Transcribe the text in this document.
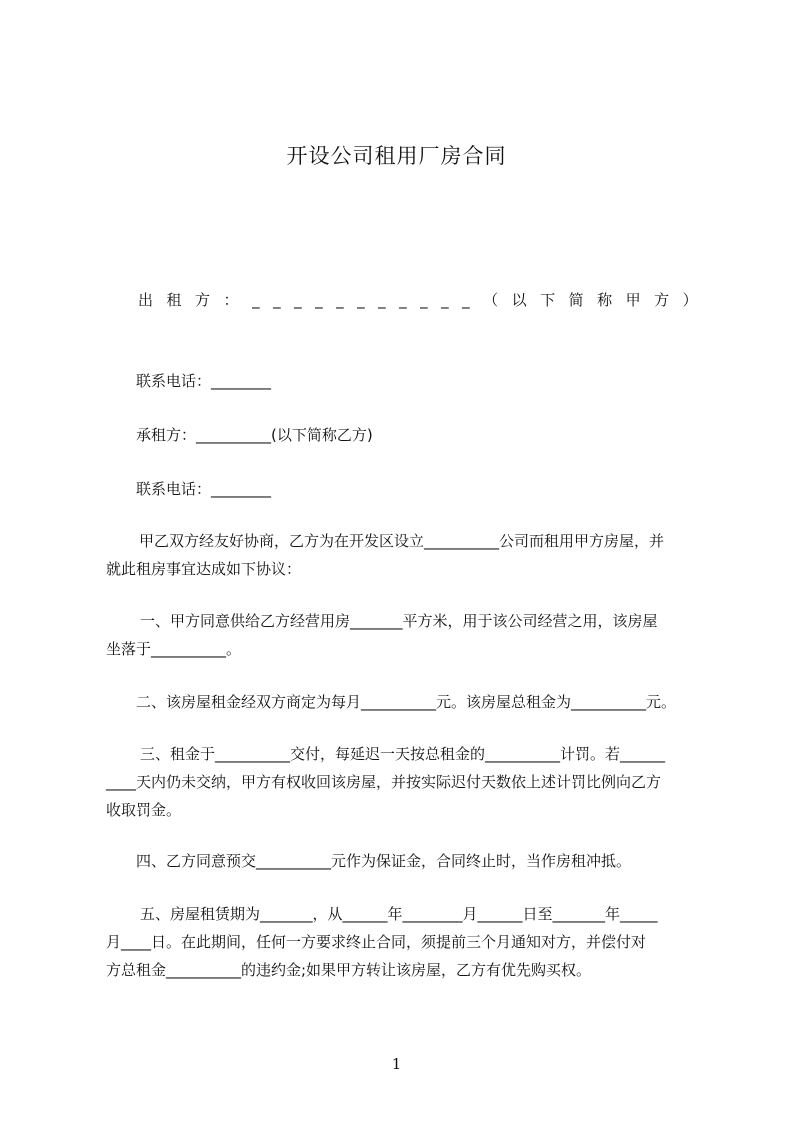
开设公司租用厂房合同
出 租 方 ： _ _ _ _ _ _ _ _ _ _ _ （ 以 下 简 称 甲 方 ）
联系电话：________
承租方：__________(以下简称乙方)
联系电话：________
甲乙双方经友好协商，乙方为在开发区设立__________公司而租用甲方房屋，并
就此租房事宜达成如下协议：
一、甲方同意供给乙方经营用房_______平方米，用于该公司经营之用，该房屋
坐落于__________。
二、该房屋租金经双方商定为每月__________元。该房屋总租金为__________元。
三、租金于__________交付，每延迟一天按总租金的__________计罚。若______
____天内仍未交纳，甲方有权收回该房屋，并按实际迟付天数依上述计罚比例向乙方
收取罚金。
四、乙方同意预交__________元作为保证金，合同终止时，当作房租冲抵。
五、房屋租赁期为_______，从______年________月______日至_______年_____
月____日。在此期间，任何一方要求终止合同，须提前三个月通知对方，并偿付对
方总租金__________的违约金;如果甲方转让该房屋，乙方有优先购买权。
1
